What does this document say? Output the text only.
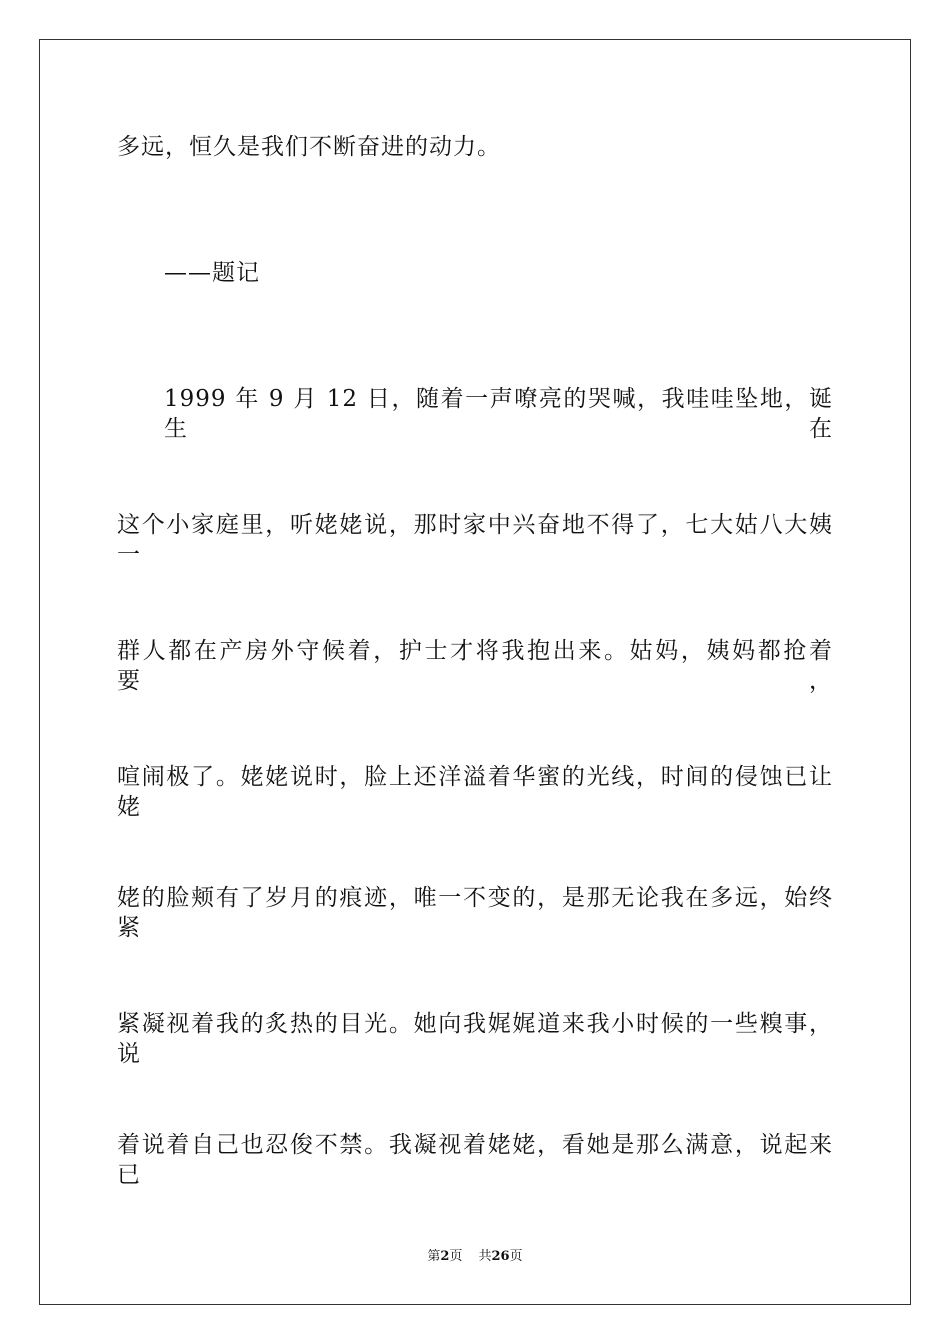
多远，恒久是我们不断奋进的动力。
——题记
1999 年 9 月 12 日，随着一声嘹亮的哭喊，我哇哇坠地，诞生在
这个小家庭里，听姥姥说，那时家中兴奋地不得了，七大姑八大姨一
群人都在产房外守候着，护士才将我抱出来。姑妈，姨妈都抢着要，
喧闹极了。姥姥说时，脸上还洋溢着华蜜的光线，时间的侵蚀已让姥
姥的脸颊有了岁月的痕迹，唯一不变的，是那无论我在多远，始终紧
紧凝视着我的炙热的目光。她向我娓娓道来我小时候的一些糗事，说
着说着自己也忍俊不禁。我凝视着姥姥，看她是那么满意，说起来已
第2页 共26页
